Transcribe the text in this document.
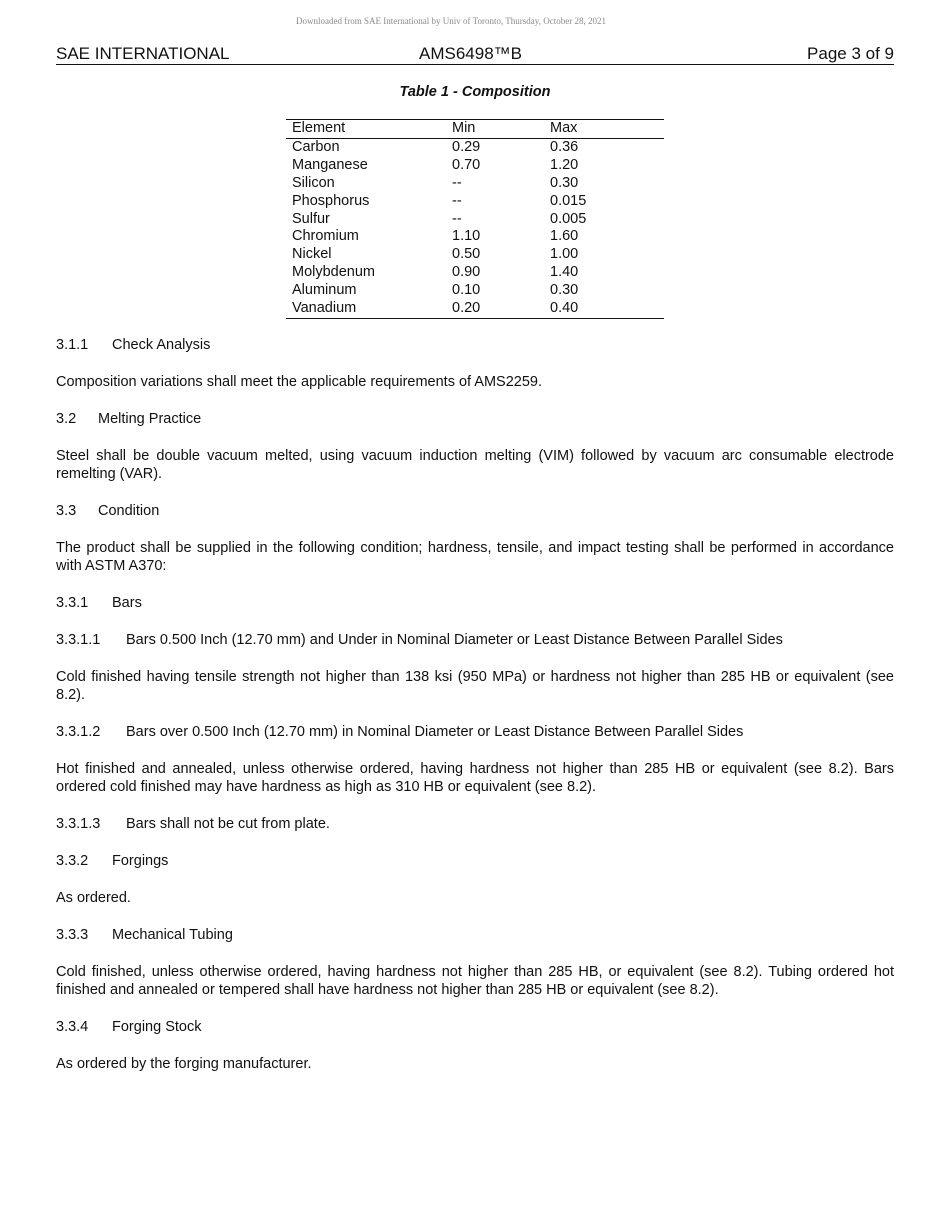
Downloaded from SAE International by Univ of Toronto, Thursday, October 28, 2021
SAE INTERNATIONAL	AMS6498™B	Page 3 of 9
Table 1 - Composition
Element	Min	Max
Carbon	0.29	0.36
Manganese	0.70	1.20
Silicon	--	0.30
Phosphorus	--	0.015
Sulfur	--	0.005
Chromium	1.10	1.60
Nickel	0.50	1.00
Molybdenum	0.90	1.40
Aluminum	0.10	0.30
Vanadium	0.20	0.40
3.1.1 Check Analysis
Composition variations shall meet the applicable requirements of AMS2259.
3.2 Melting Practice
Steel shall be double vacuum melted, using vacuum induction melting (VIM) followed by vacuum arc consumable electrode remelting (VAR).
3.3 Condition
The product shall be supplied in the following condition; hardness, tensile, and impact testing shall be performed in accordance with ASTM A370:
3.3.1 Bars
3.3.1.1 Bars 0.500 Inch (12.70 mm) and Under in Nominal Diameter or Least Distance Between Parallel Sides
Cold finished having tensile strength not higher than 138 ksi (950 MPa) or hardness not higher than 285 HB or equivalent (see 8.2).
3.3.1.2 Bars over 0.500 Inch (12.70 mm) in Nominal Diameter or Least Distance Between Parallel Sides
Hot finished and annealed, unless otherwise ordered, having hardness not higher than 285 HB or equivalent (see 8.2). Bars ordered cold finished may have hardness as high as 310 HB or equivalent (see 8.2).
3.3.1.3 Bars shall not be cut from plate.
3.3.2 Forgings
As ordered.
3.3.3 Mechanical Tubing
Cold finished, unless otherwise ordered, having hardness not higher than 285 HB, or equivalent (see 8.2). Tubing ordered hot finished and annealed or tempered shall have hardness not higher than 285 HB or equivalent (see 8.2).
3.3.4 Forging Stock
As ordered by the forging manufacturer.
